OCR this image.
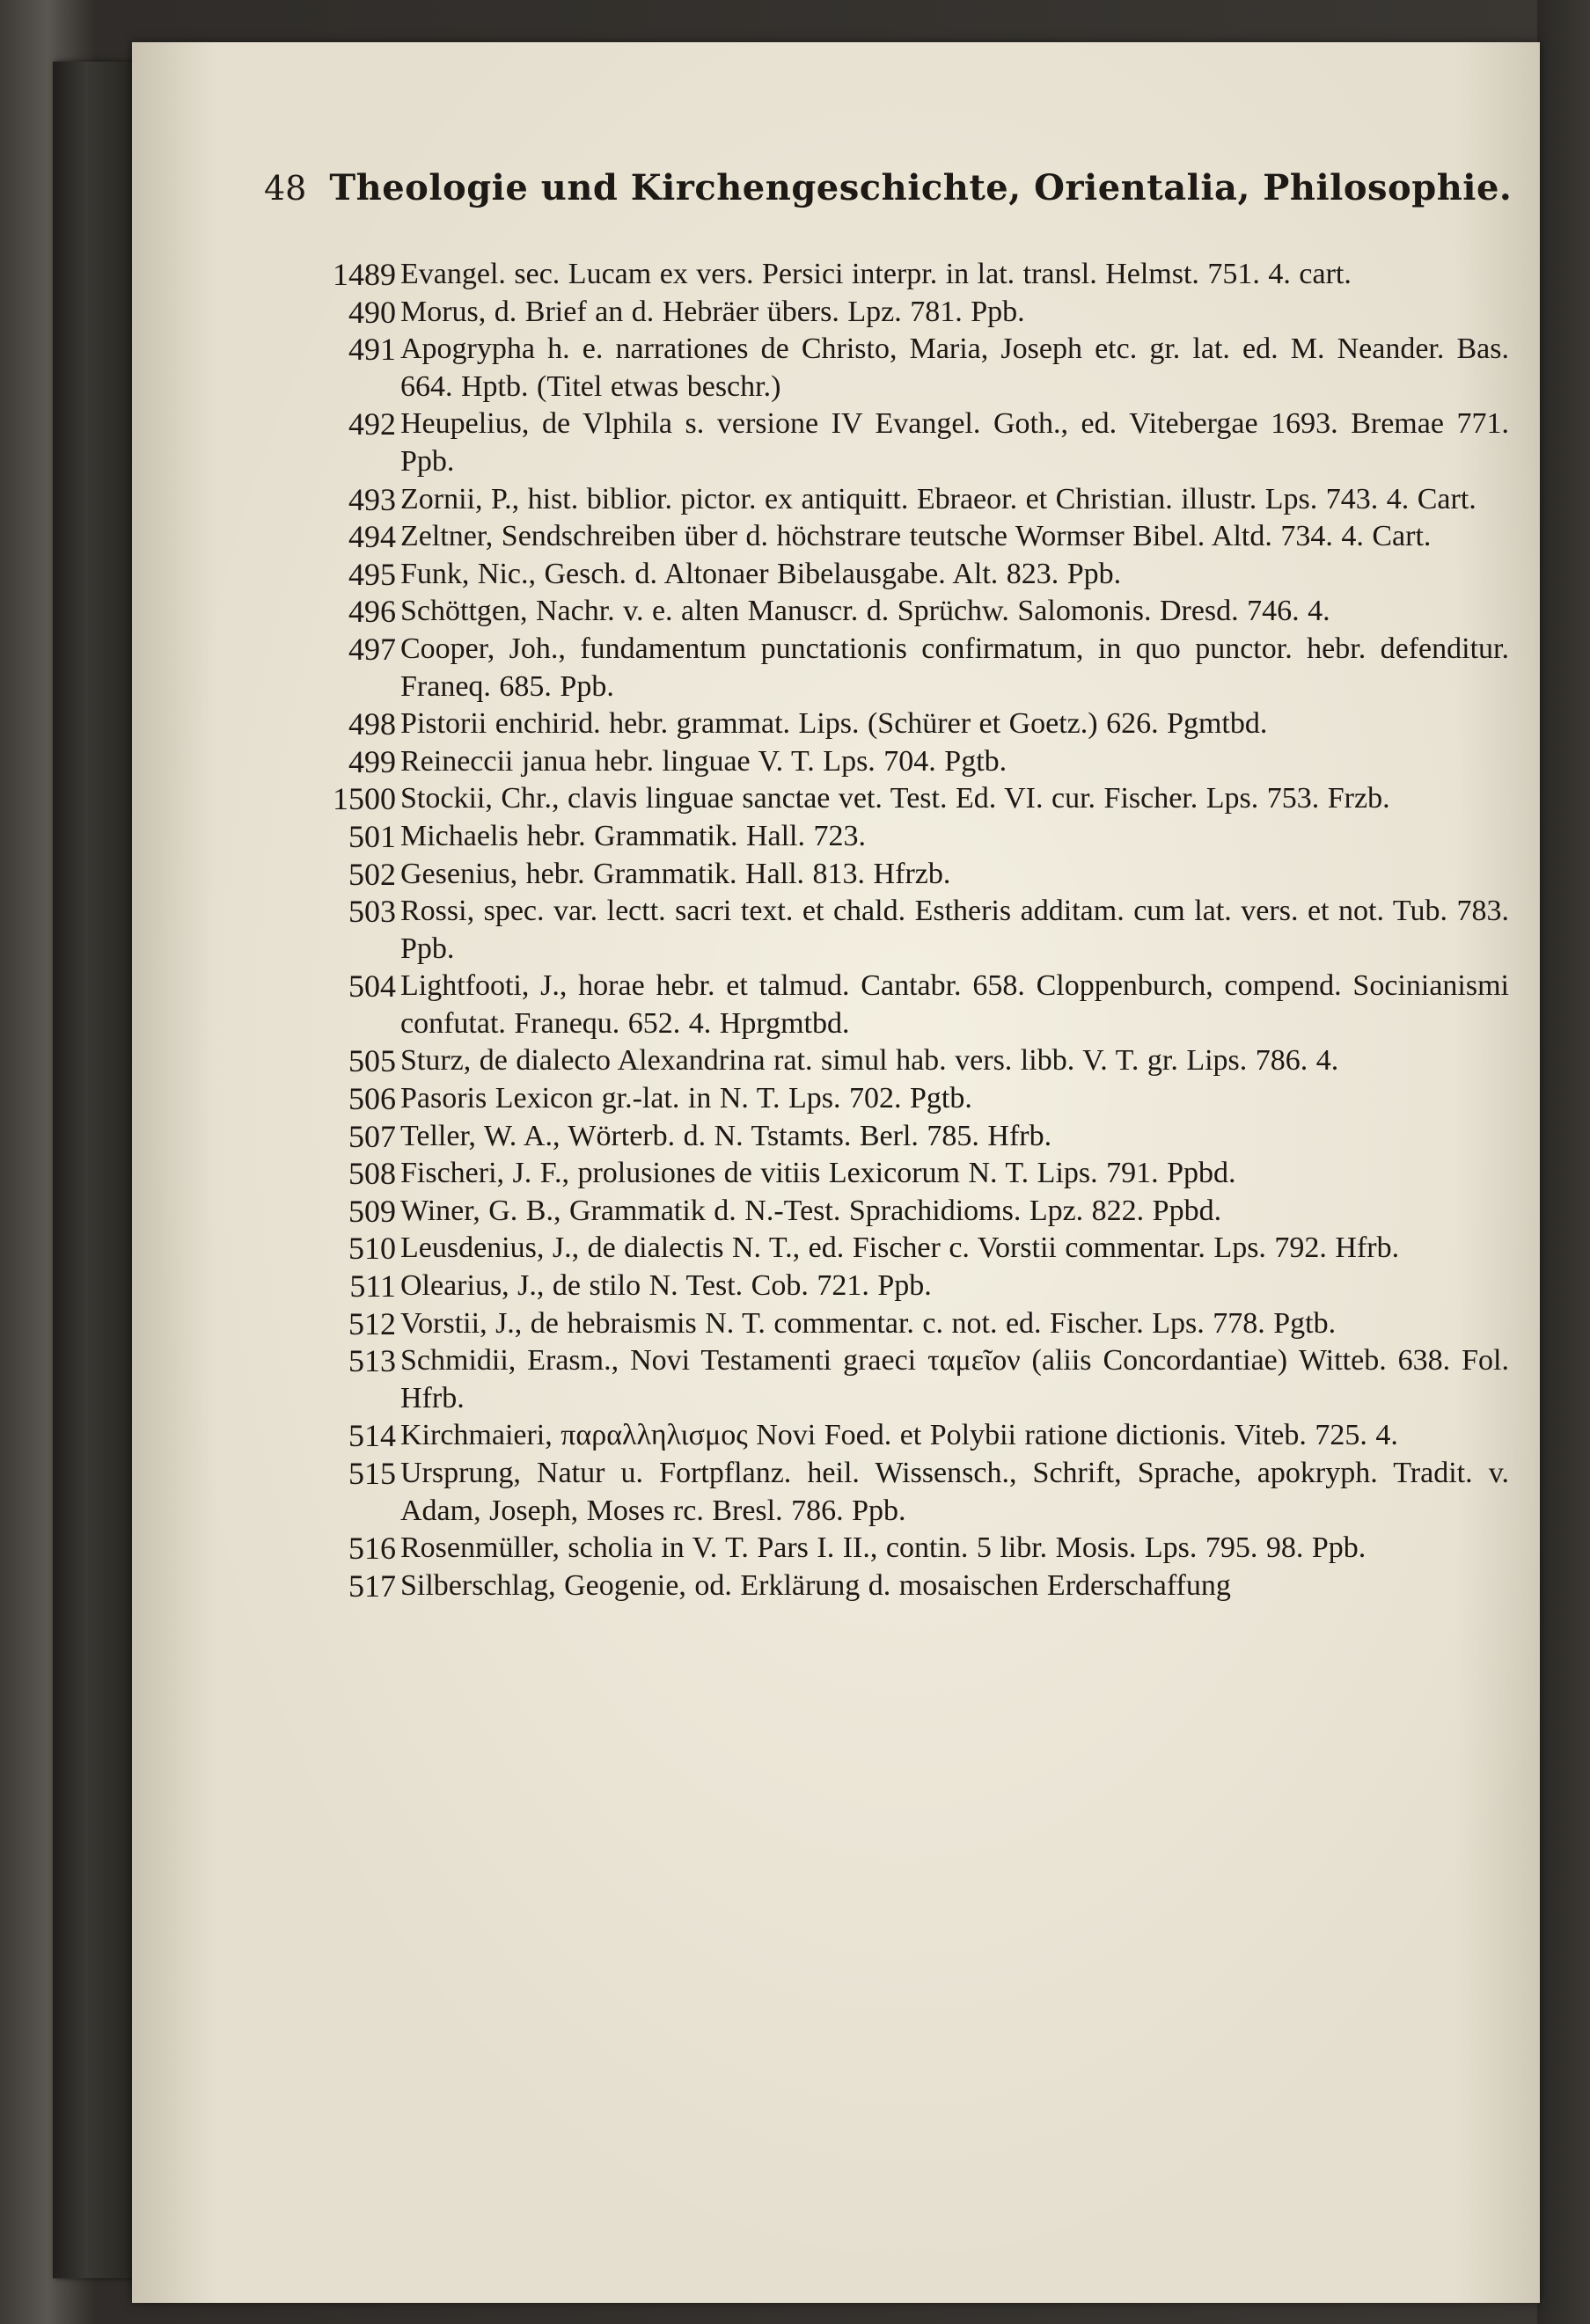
48 Theologie und Kirchengeschichte, Orientalia, Philosophie.
1489 Evangel. sec. Lucam ex vers. Persici interpr. in lat. transl. Helmst. 751. 4. cart.
490 Morus, d. Brief an d. Hebräer übers. Lpz. 781. Ppb.
491 Apogrypha h. e. narrationes de Christo, Maria, Joseph etc. gr. lat. ed. M. Neander. Bas. 664. Hptb. (Titel etwas beschr.)
492 Heupelius, de Vlphila s. versione IV Evangel. Goth., ed. Vitebergae 1693. Bremae 771. Ppb.
493 Zornii, P., hist. biblior. pictor. ex antiquitt. Ebraeor. et Christian. illustr. Lps. 743. 4. Cart.
494 Zeltner, Sendschreiben über d. höchstrare teutsche Wormser Bibel. Altd. 734. 4. Cart.
495 Funk, Nic., Gesch. d. Altonaer Bibelausgabe. Alt. 823. Ppb.
496 Schöttgen, Nachr. v. e. alten Manuscr. d. Sprüchw. Salomonis. Dresd. 746. 4.
497 Cooper, Joh., fundamentum punctationis confirmatum, in quo punctor. hebr. defenditur. Franeq. 685. Ppb.
498 Pistorii enchirid. hebr. grammat. Lips. (Schürer et Goetz.) 626. Pgmtbd.
499 Reineccii janua hebr. linguae V. T. Lps. 704. Pgtb.
1500 Stockii, Chr., clavis linguae sanctae vet. Test. Ed. VI. cur. Fischer. Lps. 753. Frzb.
501 Michaelis hebr. Grammatik. Hall. 723.
502 Gesenius, hebr. Grammatik. Hall. 813. Hfrzb.
503 Rossi, spec. var. lectt. sacri text. et chald. Estheris additam. cum lat. vers. et not. Tub. 783. Ppb.
504 Lightfooti, J., horae hebr. et talmud. Cantabr. 658. Cloppenburch, compend. Socinianismi confutat. Franequ. 652. 4. Hprgmtbd.
505 Sturz, de dialecto Alexandrina rat. simul hab. vers. libb. V. T. gr. Lips. 786. 4.
506 Pasoris Lexicon gr.-lat. in N. T. Lps. 702. Pgtb.
507 Teller, W. A., Wörterb. d. N. Tstamts. Berl. 785. Hfrb.
508 Fischeri, J. F., prolusiones de vitiis Lexicorum N. T. Lips. 791. Ppbd.
509 Winer, G. B., Grammatik d. N.-Test. Sprachidioms. Lpz. 822. Ppbd.
510 Leusdenius, J., de dialectis N. T., ed. Fischer c. Vorstii commentar. Lps. 792. Hfrb.
511 Olearius, J., de stilo N. Test. Cob. 721. Ppb.
512 Vorstii, J., de hebraismis N. T. commentar. c. not. ed. Fischer. Lps. 778. Pgtb.
513 Schmidii, Erasm., Novi Testamenti graeci ταμεῖον (aliis Concordantiae) Witteb. 638. Fol. Hfrb.
514 Kirchmaieri, παραλληλισμος Novi Foed. et Polybii ratione dictionis. Viteb. 725. 4.
515 Ursprung, Natur u. Fortpflanz. heil. Wissensch., Schrift, Sprache, apokryph. Tradit. v. Adam, Joseph, Moses rc. Bresl. 786. Ppb.
516 Rosenmüller, scholia in V. T. Pars I. II., contin. 5 libr. Mosis. Lps. 795. 98. Ppb.
517 Silberschlag, Geogenie, od. Erklärung d. mosaischen Erderschaffung
